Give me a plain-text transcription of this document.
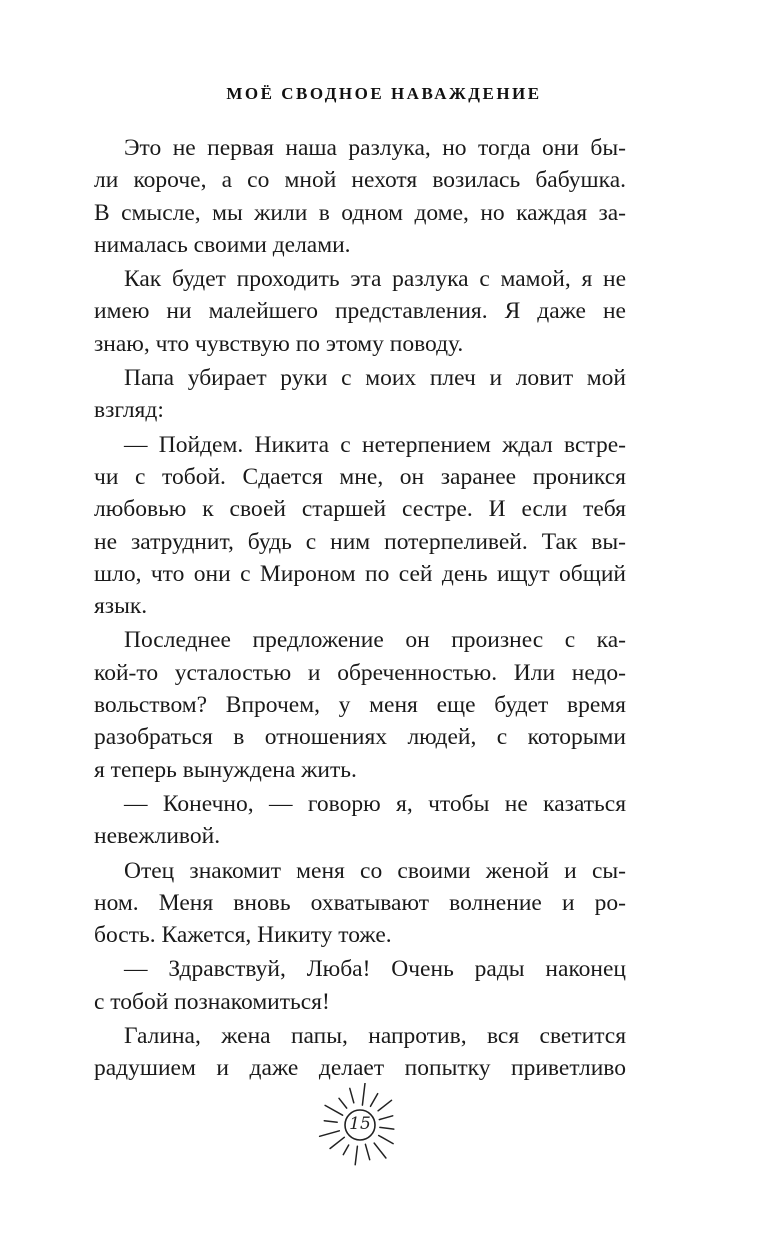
МОЁ СВОДНОЕ НАВАЖДЕНИЕ
Это не первая наша разлука, но тогда они бы-
ли короче, а со мной нехотя возилась бабушка.
В смысле, мы жили в одном доме, но каждая за-
нималась своими делами.
Как будет проходить эта разлука с мамой, я не
имею ни малейшего представления. Я даже не
знаю, что чувствую по этому поводу.
Папа убирает руки с моих плеч и ловит мой
взгляд:
— Пойдем. Никита с нетерпением ждал встре-
чи с тобой. Сдается мне, он заранее проникся
любовью к своей старшей сестре. И если тебя
не затруднит, будь с ним потерпеливей. Так вы-
шло, что они с Мироном по сей день ищут общий
язык.
Последнее предложение он произнес с ка-
кой-то усталостью и обреченностью. Или недо-
вольством? Впрочем, у меня еще будет время
разобраться в отношениях людей, с которыми
я теперь вынуждена жить.
— Конечно, — говорю я, чтобы не казаться
невежливой.
Отец знакомит меня со своими женой и сы-
ном. Меня вновь охватывают волнение и ро-
бость. Кажется, Никиту тоже.
— Здравствуй, Люба! Очень рады наконец
с тобой познакомиться!
Галина, жена папы, напротив, вся светится
радушием и даже делает попытку приветливо
15
